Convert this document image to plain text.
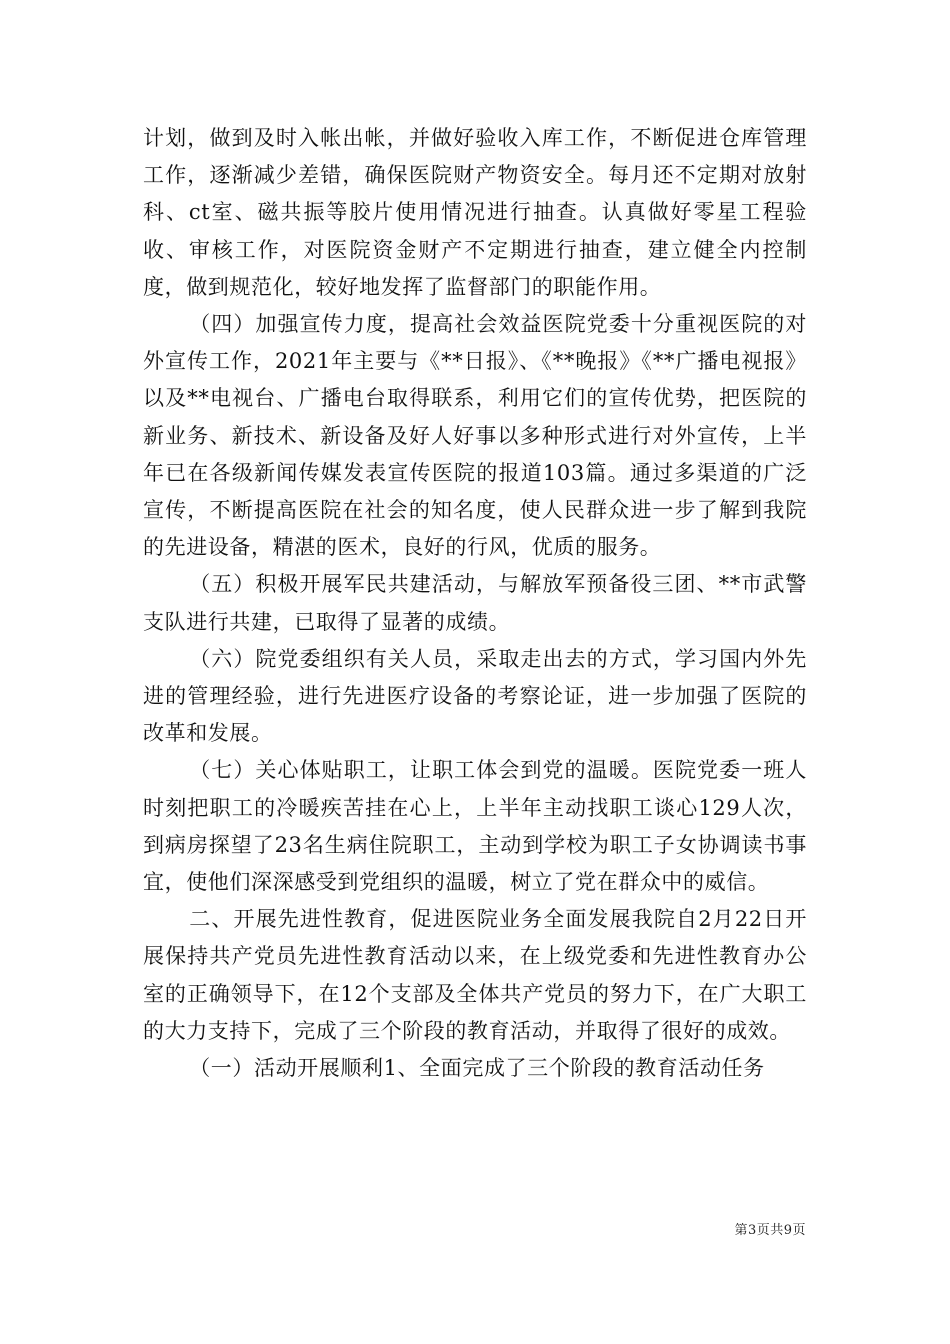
计划，做到及时入帐出帐，并做好验收入库工作，不断促进仓库管理工作，逐渐减少差错，确保医院财产物资安全。每月还不定期对放射科、ct室、磁共振等胶片使用情况进行抽查。认真做好零星工程验收、审核工作，对医院资金财产不定期进行抽查，建立健全内控制度，做到规范化，较好地发挥了监督部门的职能作用。

（四）加强宣传力度，提高社会效益医院党委十分重视医院的对外宣传工作，2021年主要与《**日报》、《**晚报》《**广播电视报》以及**电视台、广播电台取得联系，利用它们的宣传优势，把医院的新业务、新技术、新设备及好人好事以多种形式进行对外宣传，上半年已在各级新闻传媒发表宣传医院的报道103篇。通过多渠道的广泛宣传，不断提高医院在社会的知名度，使人民群众进一步了解到我院的先进设备，精湛的医术，良好的行风，优质的服务。

（五）积极开展军民共建活动，与解放军预备役三团、**市武警支队进行共建，已取得了显著的成绩。

（六）院党委组织有关人员，采取走出去的方式，学习国内外先进的管理经验，进行先进医疗设备的考察论证，进一步加强了医院的改革和发展。

（七）关心体贴职工，让职工体会到党的温暖。医院党委一班人时刻把职工的冷暖疾苦挂在心上，上半年主动找职工谈心129人次，到病房探望了23名生病住院职工，主动到学校为职工子女协调读书事宜，使他们深深感受到党组织的温暖，树立了党在群众中的威信。

二、开展先进性教育，促进医院业务全面发展我院自2月22日开展保持共产党员先进性教育活动以来，在上级党委和先进性教育办公室的正确领导下，在12个支部及全体共产党员的努力下，在广大职工的大力支持下，完成了三个阶段的教育活动，并取得了很好的成效。

（一）活动开展顺利1、全面完成了三个阶段的教育活动任务

第3页共9页
